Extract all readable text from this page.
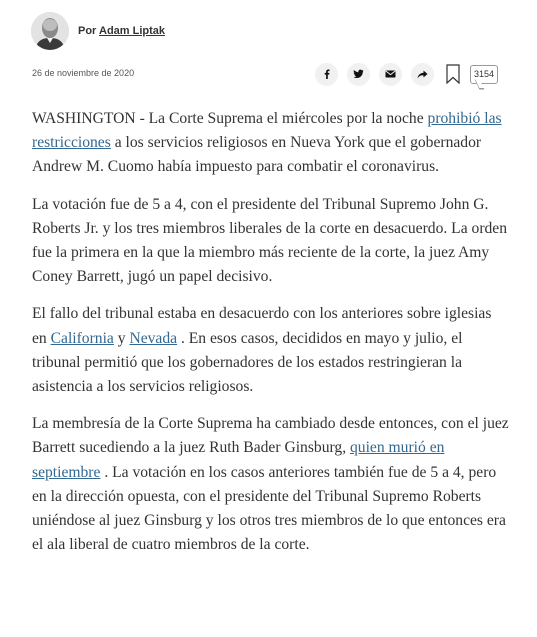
Por Adam Liptak
26 de noviembre de 2020	3154

WASHINGTON - La Corte Suprema el miércoles por la noche prohibió las restricciones a los servicios religiosos en Nueva York que el gobernador Andrew M. Cuomo había impuesto para combatir el coronavirus.

La votación fue de 5 a 4, con el presidente del Tribunal Supremo John G. Roberts Jr. y los tres miembros liberales de la corte en desacuerdo. La orden fue la primera en la que la miembro más reciente de la corte, la juez Amy Coney Barrett, jugó un papel decisivo.

El fallo del tribunal estaba en desacuerdo con los anteriores sobre iglesias en California y Nevada . En esos casos, decididos en mayo y julio, el tribunal permitió que los gobernadores de los estados restringieran la asistencia a los servicios religiosos.

La membresía de la Corte Suprema ha cambiado desde entonces, con el juez Barrett sucediendo a la juez Ruth Bader Ginsburg, quien murió en septiembre . La votación en los casos anteriores también fue de 5 a 4, pero en la dirección opuesta, con el presidente del Tribunal Supremo Roberts uniéndose al juez Ginsburg y los otros tres miembros de lo que entonces era el ala liberal de cuatro miembros de la corte.
